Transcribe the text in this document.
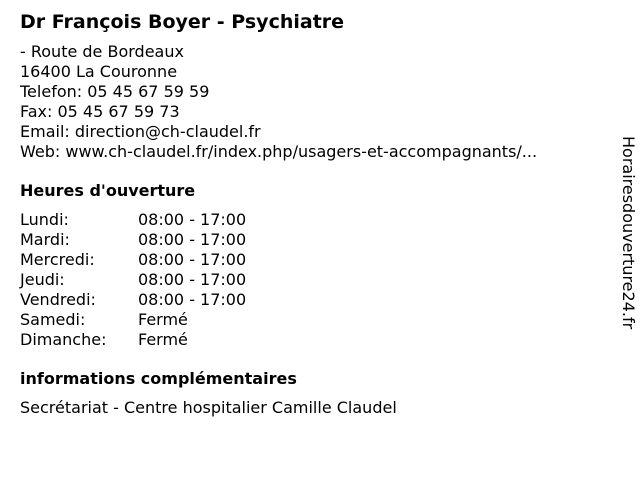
Dr François Boyer - Psychiatre
- Route de Bordeaux
16400 La Couronne
Telefon: 05 45 67 59 59
Fax: 05 45 67 59 73
Email: direction@ch-claudel.fr
Web: www.ch-claudel.fr/index.php/usagers-et-accompagnants/...
Heures d'ouverture
Lundi:	08:00 - 17:00
Mardi:	08:00 - 17:00
Mercredi:	08:00 - 17:00
Jeudi:	08:00 - 17:00
Vendredi:	08:00 - 17:00
Samedi:	Fermé
Dimanche: Fermé
informations complémentaires
Secrétariat - Centre hospitalier Camille Claudel
Horairesdouverture24.fr
